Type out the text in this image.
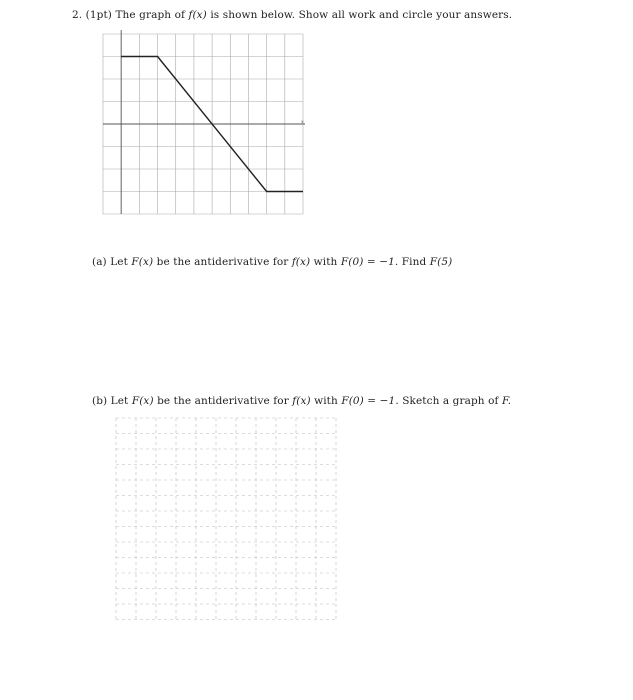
2. (1pt) The graph of f(x) is shown below. Show all work and circle your answers.
x
(a) Let F(x) be the antiderivative for f(x) with F(0) = −1. Find F(5)
(b) Let F(x) be the antiderivative for f(x) with F(0) = −1. Sketch a graph of F.
